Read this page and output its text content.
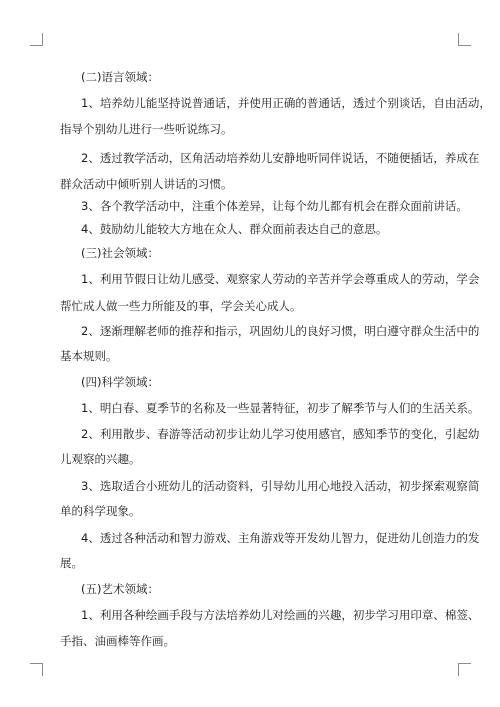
(二)语言领域：

1、培养幼儿能坚持说普通话，并使用正确的普通话，透过个别谈话，自由活动，

指导个别幼儿进行一些听说练习。

2、透过教学活动，区角活动培养幼儿安静地听同伴说话，不随便插话，养成在

群众活动中倾听别人讲话的习惯。

3、各个教学活动中，注重个体差异，让每个幼儿都有机会在群众面前讲话。

4、鼓励幼儿能较大方地在众人、群众面前表达自己的意思。

(三)社会领域：

1、利用节假日让幼儿感受、观察家人劳动的辛苦并学会尊重成人的劳动，学会

帮忙成人做一些力所能及的事，学会关心成人。

2、逐渐理解老师的推荐和指示，巩固幼儿的良好习惯，明白遵守群众生活中的

基本规则。

(四)科学领域：

1、明白春、夏季节的名称及一些显著特征，初步了解季节与人们的生活关系。

2、利用散步、春游等活动初步让幼儿学习使用感官，感知季节的变化，引起幼

儿观察的兴趣。

3、选取适合小班幼儿的活动资料，引导幼儿用心地投入活动，初步探索观察简

单的科学现象。

4、透过各种活动和智力游戏、主角游戏等开发幼儿智力，促进幼儿创造力的发

展。

(五)艺术领域：

1、利用各种绘画手段与方法培养幼儿对绘画的兴趣，初步学习用印章、棉签、

手指、油画棒等作画。
